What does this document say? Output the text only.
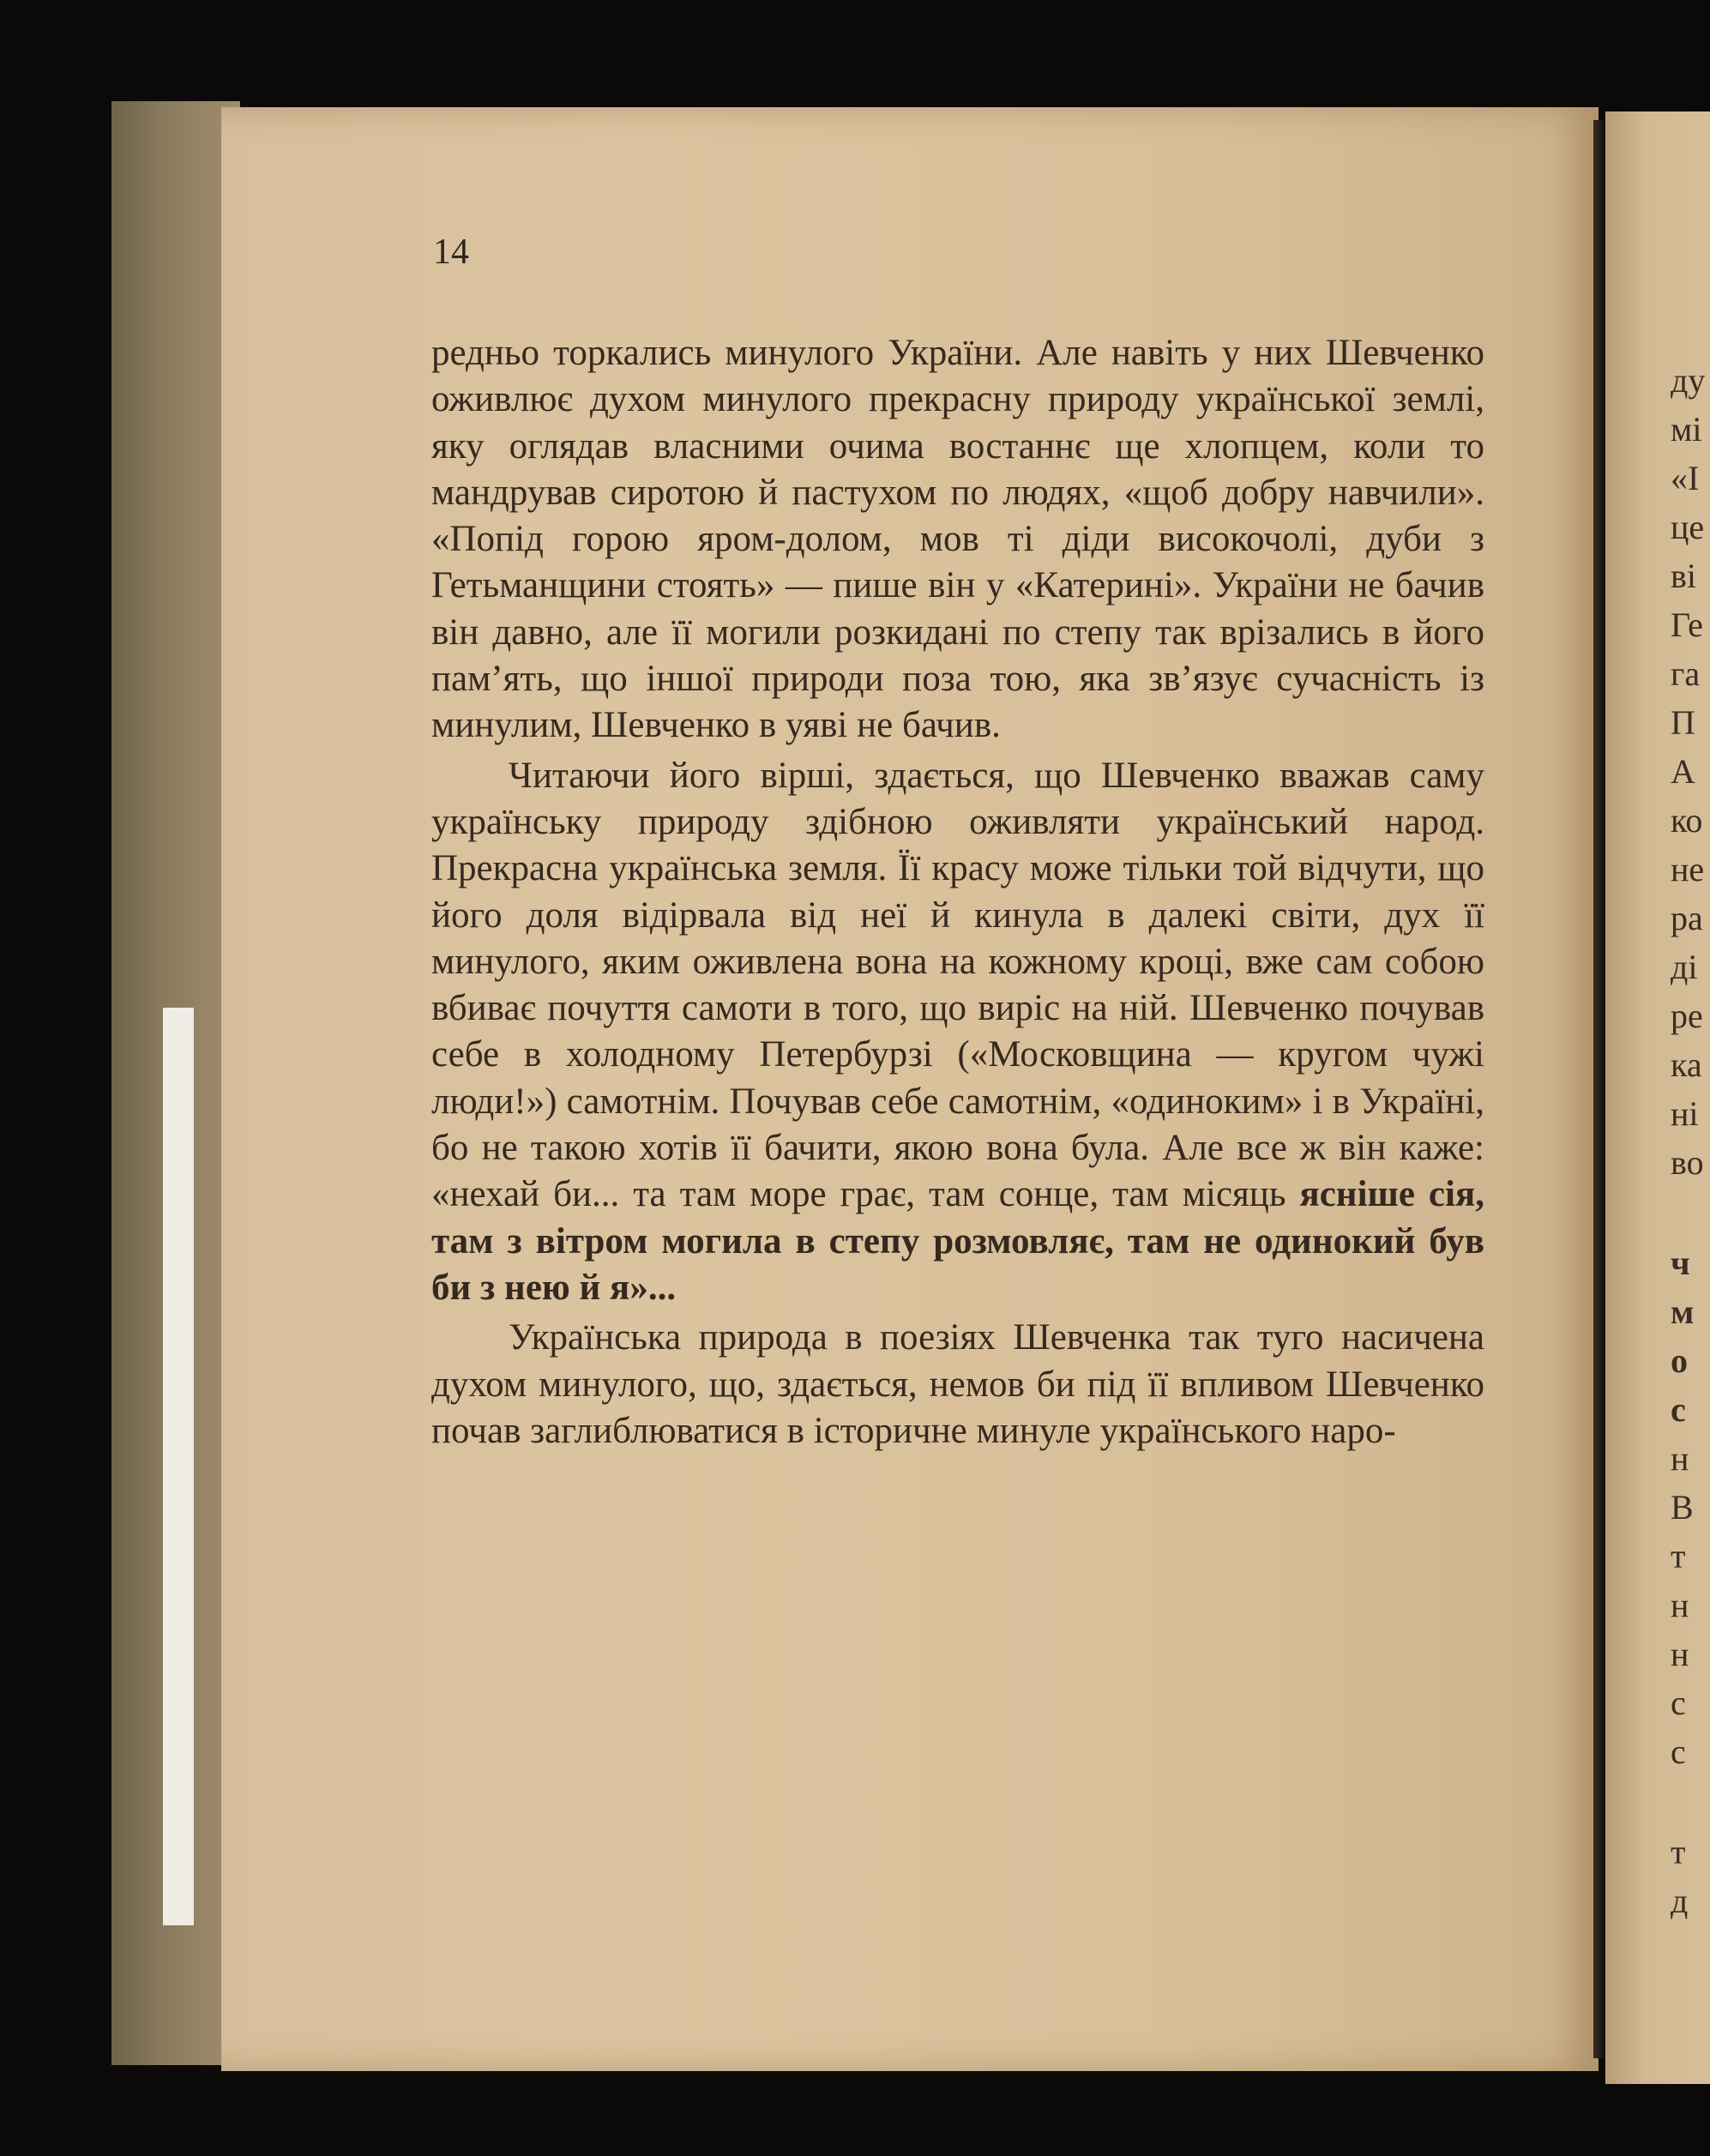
14

редньо торкались минулого України. Але навіть у них Шевченко оживлює духом минулого прекрасну природу української землі, яку оглядав власними очима востаннє ще хлопцем, коли то мандрував сиротою й пастухом по людях, «щоб добру навчили». «Попід горою яром-долом, мов ті діди високочолі, дуби з Гетьманщини стоять» — пише він у «Катерині». України не бачив він давно, але її могили розкидані по степу так врізались в його пам’ять, що іншої природи поза тою, яка зв’язує сучасність із минулим, Шевченко в уяві не бачив.

Читаючи його вірші, здається, що Шевченко вважав саму українську природу здібною оживляти український народ. Прекрасна українська земля. Її красу може тільки той відчути, що його доля відірвала від неї й кинула в далекі світи, дух її минулого, яким оживлена вона на кожному кроці, вже сам собою вбиває почуття самоти в того, що виріс на ній. Шевченко почував себе в холодному Петербурзі («Московщина — кругом чужі люди!») самотнім. Почував себе самотнім, «одиноким» і в Україні, бо не такою хотів її бачити, якою вона була. Але все ж він каже: «нехай би... та там море грає, там сонце, там місяць ясніше сія, там з вітром могила в степу розмовляє, там не одинокий був би з нею й я»...

Українська природа в поезіях Шевченка так туго насичена духом минулого, що, здається, немов би під її впливом Шевченко почав заглиблюватися в історичне минуле українського наро-

ду
мі
«І
це
ві
Ге
га
П
А
ко
не
ра
ді
ре
ка
ні
во
ч
м
о
с
н
В
т
н
н
с
с
т
д
